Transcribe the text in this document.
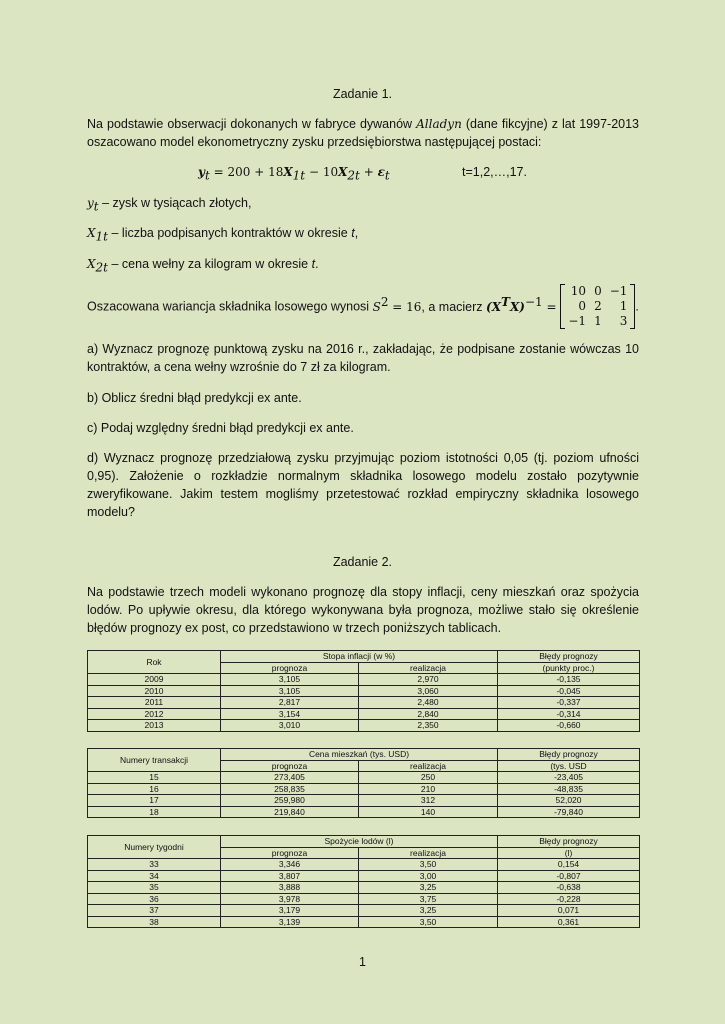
Zadanie 1.
Na podstawie obserwacji dokonanych w fabryce dywanów Alladyn (dane fikcyjne) z lat 1997-2013 oszacowano model ekonometryczny zysku przedsiębiorstwa następującej postaci:
$y_t = 200 + 18X_{1t} - 10X_{2t} + \varepsilon_t$	t=1,2,…,17.
$y_t$ – zysk w tysiącach złotych,
$X_{1t}$ – liczba podpisanych kontraktów w okresie t,
$X_{2t}$ – cena wełny za kilogram w okresie t.
Oszacowana wariancja składnika losowego wynosi $S^2 = 16$, a macierz $(X^TX)^{-1}$ =
10	0	−1
0	2	1
−1	1	3
.
a) Wyznacz prognozę punktową zysku na 2016 r., zakładając, że podpisane zostanie wówczas 10 kontraktów, a cena wełny wzrośnie do 7 zł za kilogram.
b) Oblicz średni błąd predykcji ex ante.
c) Podaj względny średni błąd predykcji ex ante.
d) Wyznacz prognozę przedziałową zysku przyjmując poziom istotności 0,05 (tj. poziom ufności 0,95). Założenie o rozkładzie normalnym składnika losowego modelu zostało pozytywnie zweryfikowane. Jakim testem mogliśmy przetestować rozkład empiryczny składnika losowego modelu?
Zadanie 2.
Na podstawie trzech modeli wykonano prognozę dla stopy inflacji, ceny mieszkań oraz spożycia lodów. Po upływie okresu, dla którego wykonywana była prognoza, możliwe stało się określenie błędów prognozy ex post, co przedstawiono w trzech poniższych tablicach.
Rok	Stopa inflacji (w %)		Błędy prognozy
	prognoza	realizacja	(punkty proc.)
2009	3,105	2,970	-0,135
2010	3,105	3,060	-0,045
2011	2,817	2,480	-0,337
2012	3,154	2,840	-0,314
2013	3,010	2,350	-0,660
Numery transakcji	Cena mieszkań (tys. USD)		Błędy prognozy
	prognoza	realizacja	(tys. USD
15	273,405	250	-23,405
16	258,835	210	-48,835
17	259,980	312	52,020
18	219,840	140	-79,840
Numery tygodni	Spożycie lodów (l)		Błędy prognozy
	prognoza	realizacja	(l)
33	3,346	3,50	0,154
34	3,807	3,00	-0,807
35	3,888	3,25	-0,638
36	3,978	3,75	-0,228
37	3,179	3,25	0,071
38	3,139	3,50	0,361
1
